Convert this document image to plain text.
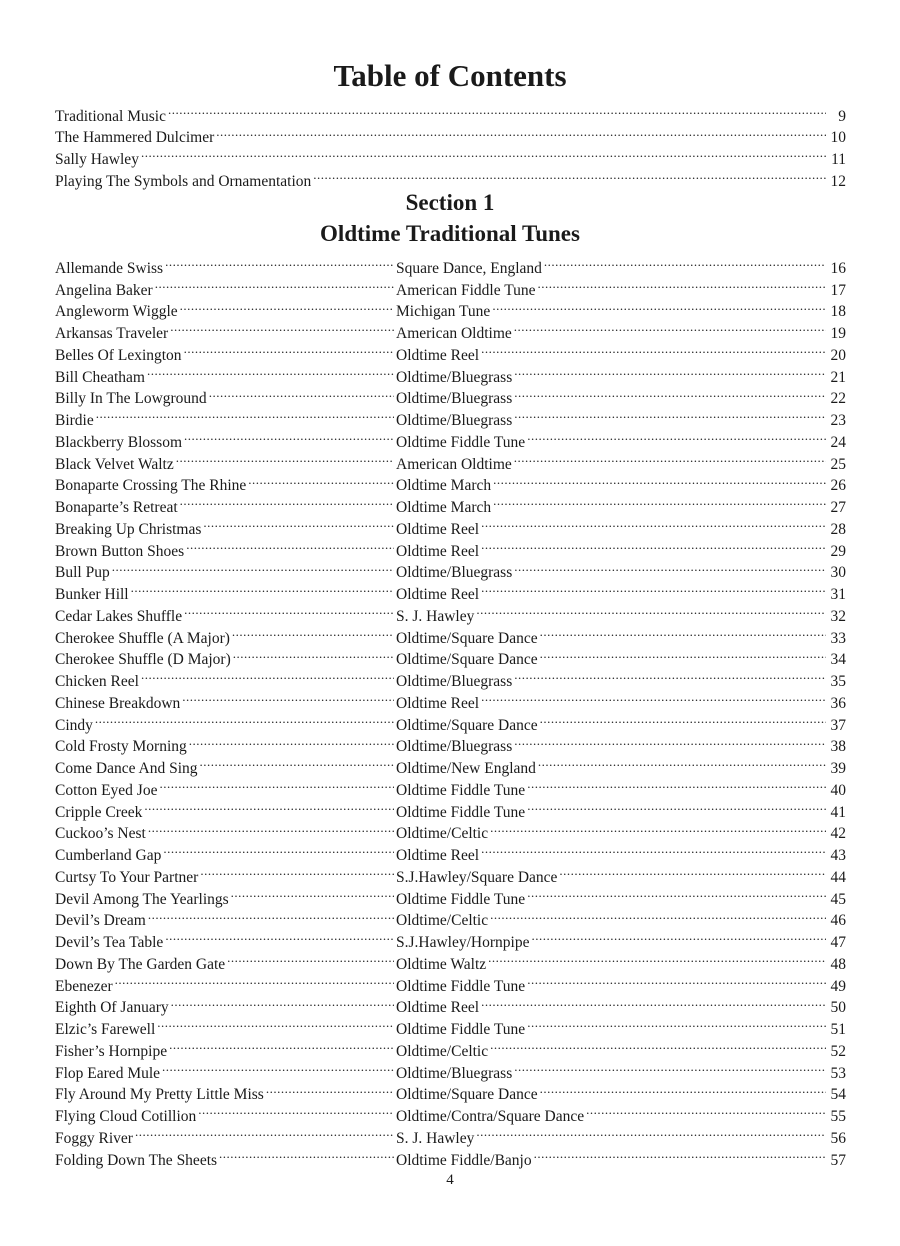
Table of Contents
Traditional Music .....	9
The Hammered Dulcimer .....	10
Sally Hawley .....	11
Playing The Symbols and Ornamentation .....	12
Section 1
Oldtime Traditional Tunes
Allemande Swiss .....	Square Dance, England .....	16
Angelina Baker .....	American Fiddle Tune .....	17
Angleworm Wiggle .....	Michigan Tune .....	18
Arkansas Traveler .....	American Oldtime .....	19
Belles Of Lexington .....	Oldtime Reel .....	20
Bill Cheatham .....	Oldtime/Bluegrass .....	21
Billy In The Lowground .....	Oldtime/Bluegrass .....	22
Birdie .....	Oldtime/Bluegrass .....	23
Blackberry Blossom .....	Oldtime Fiddle Tune .....	24
Black Velvet Waltz .....	American Oldtime .....	25
Bonaparte Crossing The Rhine .....	Oldtime March .....	26
Bonaparte’s Retreat .....	Oldtime March .....	27
Breaking Up Christmas .....	Oldtime Reel .....	28
Brown Button Shoes .....	Oldtime Reel .....	29
Bull Pup .....	Oldtime/Bluegrass .....	30
Bunker Hill .....	Oldtime Reel .....	31
Cedar Lakes Shuffle .....	S. J. Hawley .....	32
Cherokee Shuffle (A Major) .....	Oldtime/Square Dance .....	33
Cherokee Shuffle (D Major) .....	Oldtime/Square Dance .....	34
Chicken Reel .....	Oldtime/Bluegrass .....	35
Chinese Breakdown .....	Oldtime Reel .....	36
Cindy .....	Oldtime/Square Dance .....	37
Cold Frosty Morning .....	Oldtime/Bluegrass .....	38
Come Dance And Sing .....	Oldtime/New England .....	39
Cotton Eyed Joe .....	Oldtime Fiddle Tune .....	40
Cripple Creek .....	Oldtime Fiddle Tune .....	41
Cuckoo’s Nest .....	Oldtime/Celtic .....	42
Cumberland Gap .....	Oldtime Reel .....	43
Curtsy To Your Partner .....	S.J.Hawley/Square Dance .....	44
Devil Among The Yearlings .....	Oldtime Fiddle Tune .....	45
Devil’s Dream .....	Oldtime/Celtic .....	46
Devil’s Tea Table .....	S.J.Hawley/Hornpipe .....	47
Down By The Garden Gate .....	Oldtime Waltz .....	48
Ebenezer .....	Oldtime Fiddle Tune .....	49
Eighth Of January .....	Oldtime Reel .....	50
Elzic’s Farewell .....	Oldtime Fiddle Tune .....	51
Fisher’s Hornpipe .....	Oldtime/Celtic .....	52
Flop Eared Mule .....	Oldtime/Bluegrass .....	53
Fly Around My Pretty Little Miss .....	Oldtime/Square Dance .....	54
Flying Cloud Cotillion .....	Oldtime/Contra/Square Dance .....	55
Foggy River .....	S. J. Hawley .....	56
Folding Down The Sheets .....	Oldtime Fiddle/Banjo .....	57
4
